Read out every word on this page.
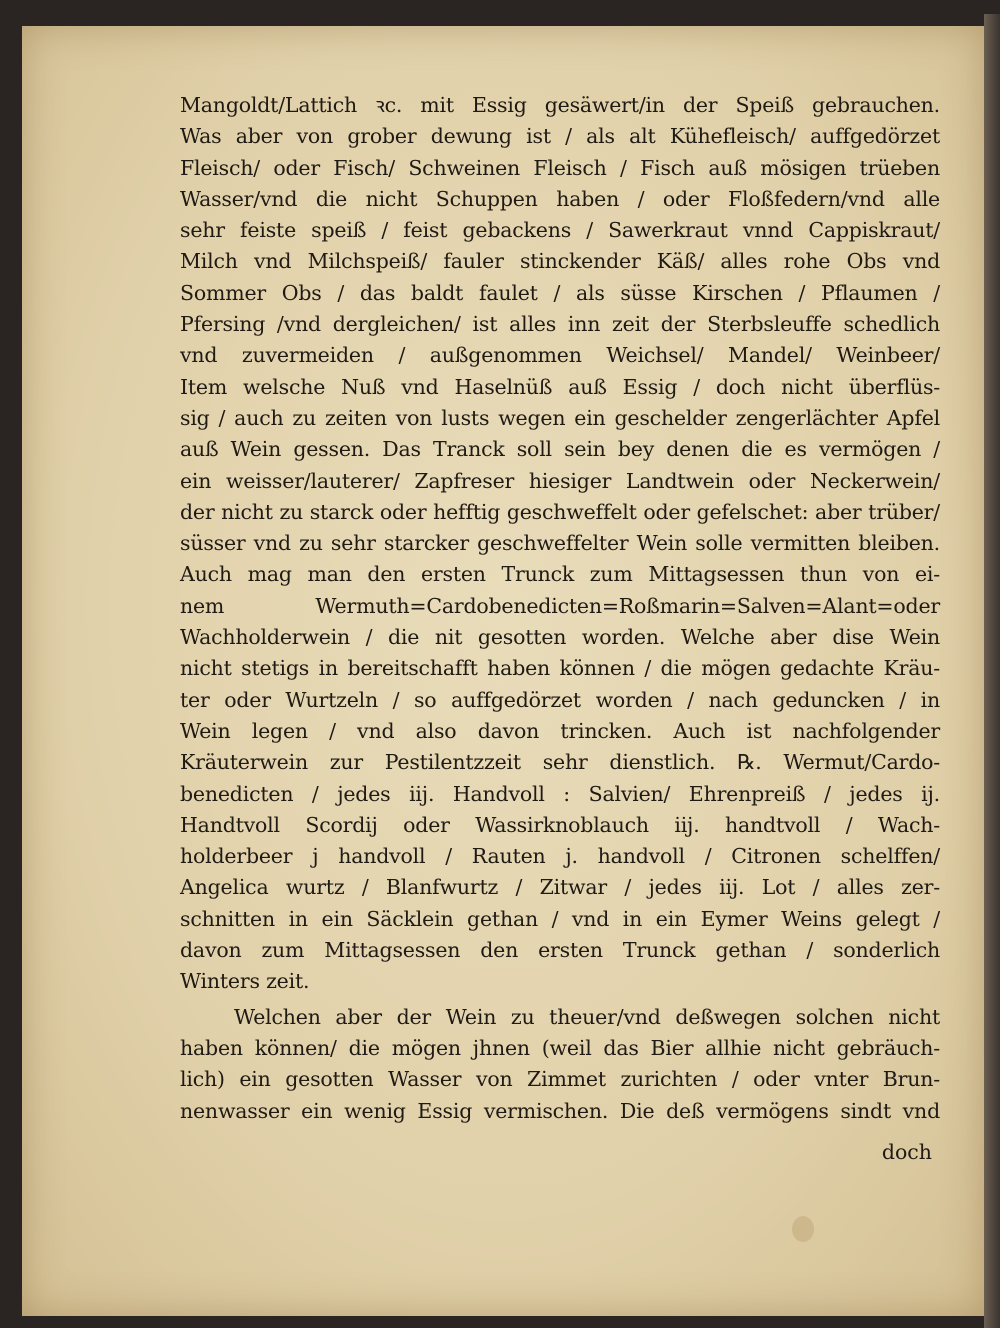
Mangoldt/Lattich ꝛc. mit Essig gesäwert/in der Speiß gebrauchen.
Was aber von grober dewung ist / als alt Kühefleisch/ auffgedörzet
Fleisch/ oder Fisch/ Schweinen Fleisch / Fisch auß mösigen trüeben
Wasser/vnd die nicht Schuppen haben / oder Floßfedern/vnd alle
sehr feiste speiß / feist gebackens / Sawerkraut vnnd Cappiskraut/
Milch vnd Milchspeiß/ fauler stinckender Käß/ alles rohe Obs vnd
Sommer Obs / das baldt faulet / als süsse Kirschen / Pflaumen /
Pfersing /vnd dergleichen/ ist alles inn zeit der Sterbsleuffe schedlich
vnd zuvermeiden / außgenommen Weichsel/ Mandel/ Weinbeer/
Item welsche Nuß vnd Haselnüß auß Essig / doch nicht überflüs-
sig / auch zu zeiten von lusts wegen ein geschelder zengerlächter Apfel
auß Wein gessen. Das Tranck soll sein bey denen die es vermögen /
ein weisser/lauterer/ Zapfreser hiesiger Landtwein oder Neckerwein/
der nicht zu starck oder hefftig geschweffelt oder gefelschet: aber trüber/
süsser vnd zu sehr starcker geschweffelter Wein solle vermitten bleiben.
Auch mag man den ersten Trunck zum Mittagsessen thun von ei-
nem Wermuth=Cardobenedicten=Roßmarin=Salven=Alant=oder
Wachholderwein / die nit gesotten worden. Welche aber dise Wein
nicht stetigs in bereitschafft haben können / die mögen gedachte Kräu-
ter oder Wurtzeln / so auffgedörzet worden / nach geduncken / in
Wein legen / vnd also davon trincken. Auch ist nachfolgender
Kräuterwein zur Pestilentzzeit sehr dienstlich. ℞. Wermut/Cardo-
benedicten / jedes iij. Handvoll : Salvien/ Ehrenpreiß / jedes ij.
Handtvoll Scordij oder Wassirknoblauch iij. handtvoll / Wach-
holderbeer j handvoll / Rauten j. handvoll / Citronen schelffen/
Angelica wurtz / Blanfwurtz / Zitwar / jedes iij. Lot / alles zer-
schnitten in ein Säcklein gethan / vnd in ein Eymer Weins gelegt /
davon zum Mittagsessen den ersten Trunck gethan / sonderlich
Winters zeit.
Welchen aber der Wein zu theuer/vnd deßwegen solchen nicht
haben können/ die mögen jhnen (weil das Bier allhie nicht gebräuch-
lich) ein gesotten Wasser von Zimmet zurichten / oder vnter Brun-
nenwasser ein wenig Essig vermischen. Die deß vermögens sindt vnd
doch
